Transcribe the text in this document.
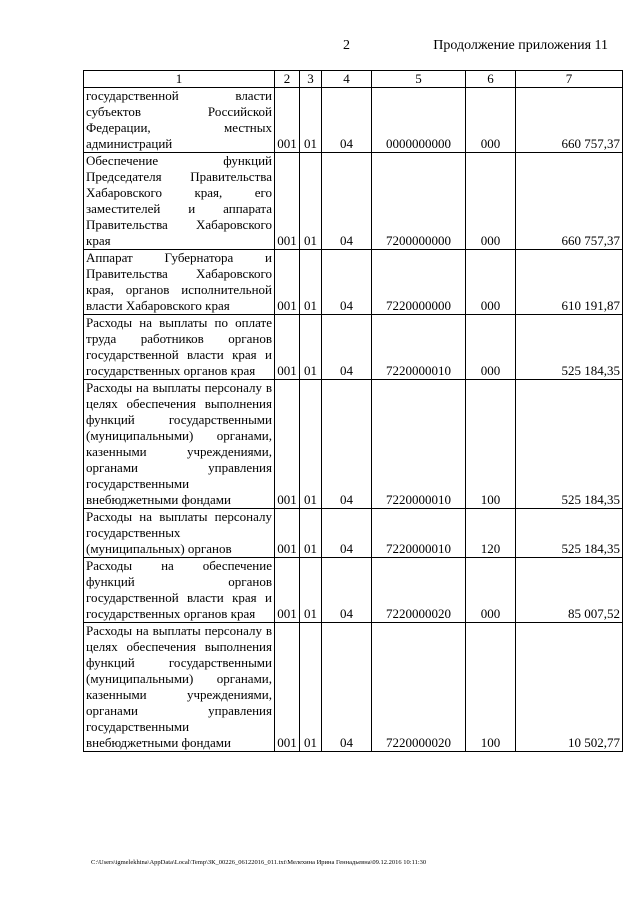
2	Продолжение приложения 11
1	2	3	4	5	6	7
государственной власти субъектов Российской Федерации, местных администраций	001	01	04	0000000000	000	660 757,37
Обеспечение функций Председателя Правительства Хабаровского края, его заместителей и аппарата Правительства Хабаровского края	001	01	04	7200000000	000	660 757,37
Аппарат Губернатора и Правительства Хабаровского края, органов исполнительной власти Хабаровского края	001	01	04	7220000000	000	610 191,87
Расходы на выплаты по оплате труда работников органов государственной власти края и государственных органов края	001	01	04	7220000010	000	525 184,35
Расходы на выплаты персоналу в целях обеспечения выполнения функций государственными (муниципальными) органами, казенными учреждениями, органами управления государственными внебюджетными фондами	001	01	04	7220000010	100	525 184,35
Расходы на выплаты персоналу государственных (муниципальных) органов	001	01	04	7220000010	120	525 184,35
Расходы на обеспечение функций органов государственной власти края и государственных органов края	001	01	04	7220000020	000	85 007,52
Расходы на выплаты персоналу в целях обеспечения выполнения функций государственными (муниципальными) органами, казенными учреждениями, органами управления государственными внебюджетными фондами	001	01	04	7220000020	100	10 502,77
C:\Users\igmelekhina\AppData\Local\Temp\ЗК_00226_06122016_011.txt\Мелехина Ирина Геннадьевна\09.12.2016 10:11:30
